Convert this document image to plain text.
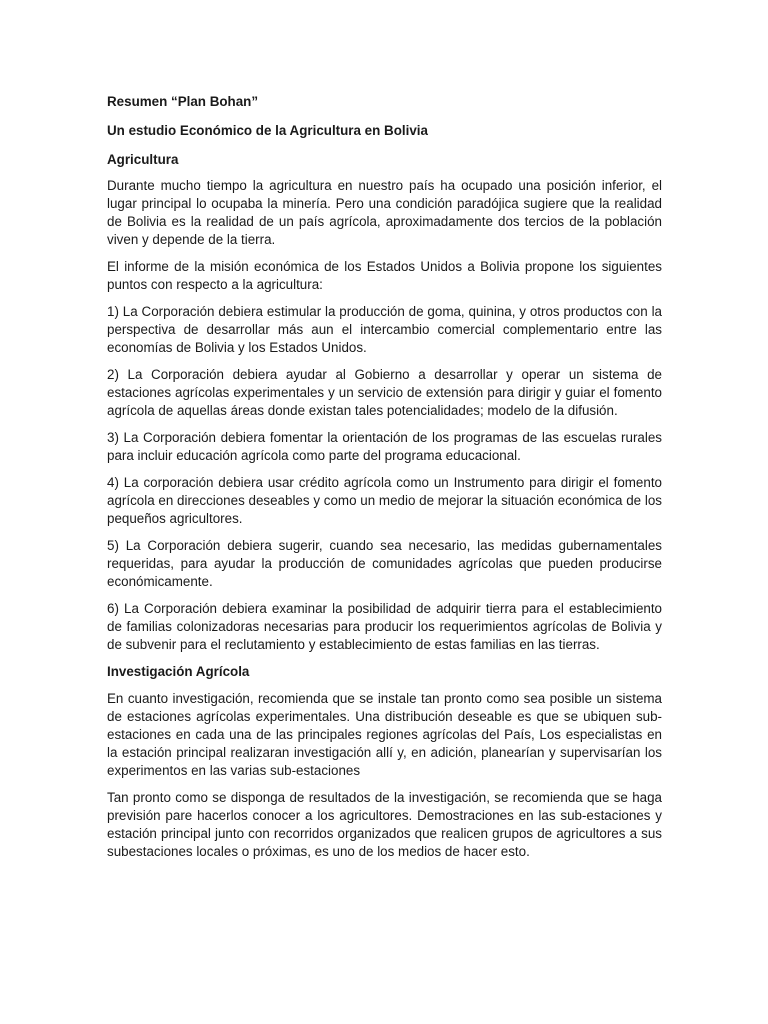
Resumen “Plan Bohan”

Un estudio Económico de la Agricultura en Bolivia

Agricultura

Durante mucho tiempo la agricultura en nuestro país ha ocupado una posición inferior, el lugar principal lo ocupaba la minería. Pero una condición paradójica sugiere que la realidad de Bolivia es la realidad de un país agrícola, aproximadamente dos tercios de la población viven y depende de la tierra.

El informe de la misión económica de los Estados Unidos a Bolivia propone los siguientes puntos con respecto a la agricultura:

1) La Corporación debiera estimular la producción de goma, quinina, y otros productos con la perspectiva de desarrollar más aun el intercambio comercial complementario entre las economías de Bolivia y los Estados Unidos.

2) La Corporación debiera ayudar al Gobierno a desarrollar y operar un sistema de estaciones agrícolas experimentales y un servicio de extensión para dirigir y guiar el fomento agrícola de aquellas áreas donde existan tales potencialidades; modelo de la difusión.

3) La Corporación debiera fomentar la orientación de los programas de las escuelas rurales para incluir educación agrícola como parte del programa educacional.

4) La corporación debiera usar crédito agrícola como un Instrumento para dirigir el fomento agrícola en direcciones deseables y como un medio de mejorar la situación económica de los pequeños agricultores.

5) La Corporación debiera sugerir, cuando sea necesario, las medidas gubernamentales requeridas, para ayudar la producción de comunidades agrícolas que pueden producirse económicamente.

6) La Corporación debiera examinar la posibilidad de adquirir tierra para el establecimiento de familias colonizadoras necesarias para producir los requerimientos agrícolas de Bolivia y de subvenir para el reclutamiento y establecimiento de estas familias en las tierras.

Investigación Agrícola

En cuanto investigación, recomienda que se instale tan pronto como sea posible un sistema de estaciones agrícolas experimentales. Una distribución deseable es que se ubiquen sub-estaciones en cada una de las principales regiones agrícolas del País, Los especialistas en la estación principal realizaran investigación allí y, en adición, planearían y supervisarían los experimentos en las varias sub-estaciones

Tan pronto como se disponga de resultados de la investigación, se recomienda que se haga previsión pare hacerlos conocer a los agricultores. Demostraciones en las sub-estaciones y estación principal junto con recorridos organizados que realicen grupos de agricultores a sus subestaciones locales o próximas, es uno de los medios de hacer esto.
